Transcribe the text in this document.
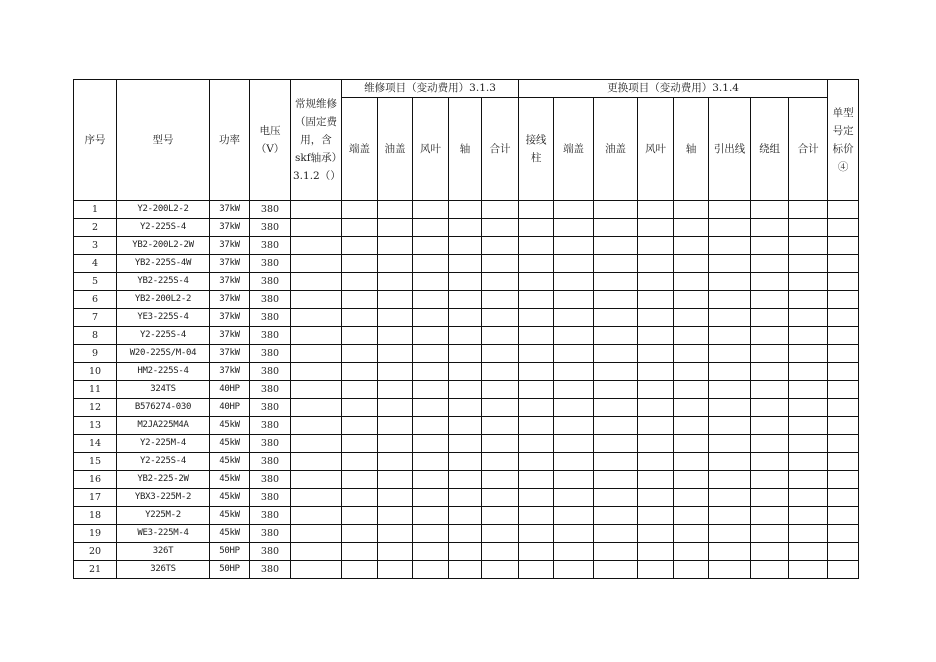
序号	型号	功率	电压（V）	常规维修（固定费用，含skf轴承）3.1.2（）	维修项目（变动费用）3.1.3					更换项目（变动费用）3.1.4								单型号定标价④
					端盖	油盖	风叶	轴	合计	接线柱	端盖	油盖	风叶	轴	引出线	绕组	合计	
1	Y2-200L2-2	37kW	380															
2	Y2-225S-4	37kW	380															
3	YB2-200L2-2W	37kW	380															
4	YB2-225S-4W	37kW	380															
5	YB2-225S-4	37kW	380															
6	YB2-200L2-2	37kW	380															
7	YE3-225S-4	37kW	380															
8	Y2-225S-4	37kW	380															
9	W20-225S/M-04	37kW	380															
10	HM2-225S-4	37kW	380															
11	324TS	40HP	380															
12	B576274-030	40HP	380															
13	M2JA225M4A	45kW	380															
14	Y2-225M-4	45kW	380															
15	Y2-225S-4	45kW	380															
16	YB2-225-2W	45kW	380															
17	YBX3-225M-2	45kW	380															
18	Y225M-2	45kW	380															
19	WE3-225M-4	45kW	380															
20	326T	50HP	380															
21	326TS	50HP	380															
